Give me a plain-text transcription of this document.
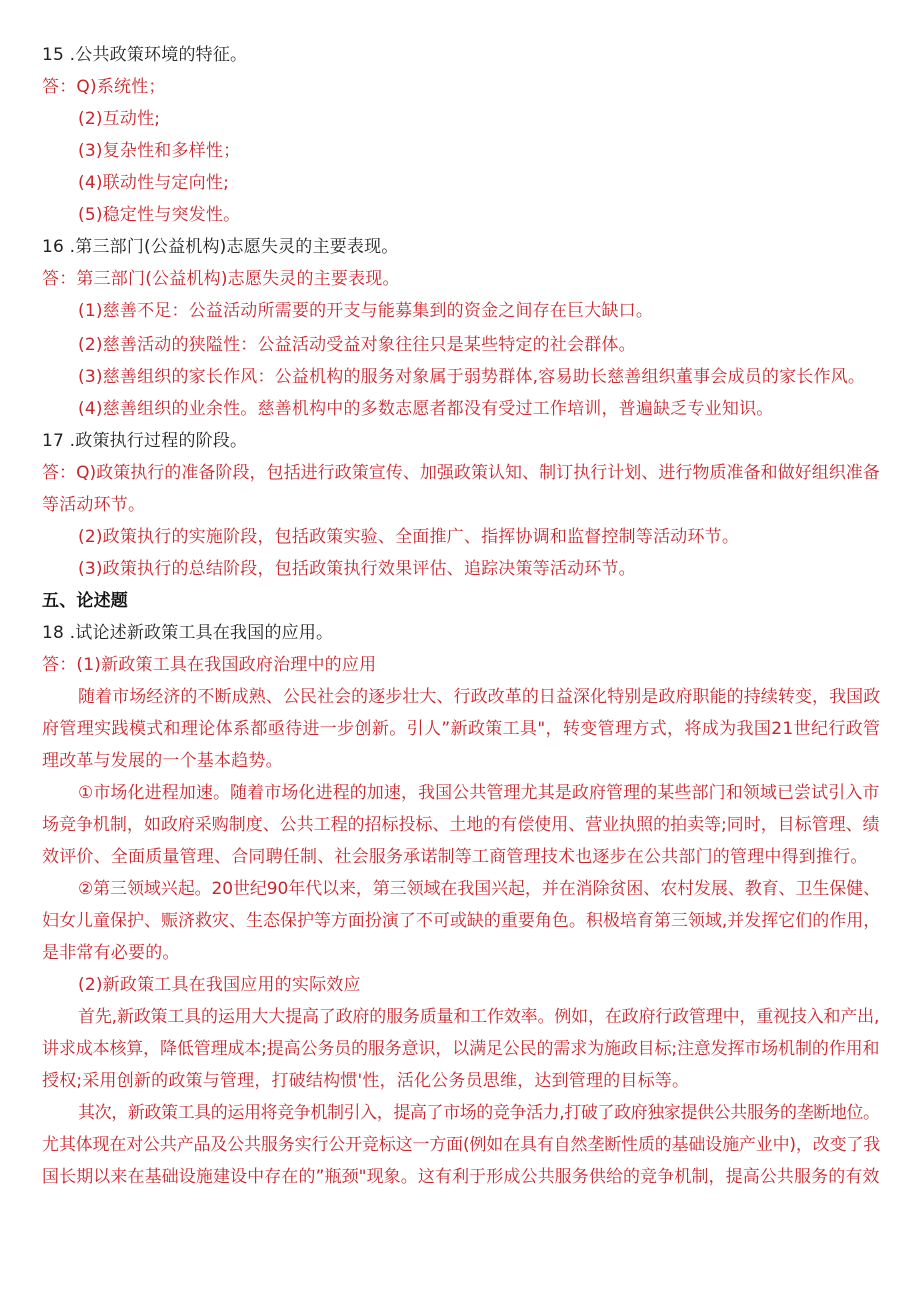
15 .公共政策环境的特征。
答：Q)系统性；
(2)互动性;
(3)复杂性和多样性；
(4)联动性与定向性;
(5)稳定性与突发性。
16 .第三部门(公益机构)志愿失灵的主要表现。
答：第三部门(公益机构)志愿失灵的主要表现。
(1)慈善不足：公益活动所需要的开支与能募集到的资金之间存在巨大缺口。
(2)慈善活动的狭隘性：公益活动受益对象往往只是某些特定的社会群体。
(3)慈善组织的家长作风：公益机构的服务对象属于弱势群体,容易助长慈善组织董事会成员的家长作风。
(4)慈善组织的业余性。慈善机构中的多数志愿者都没有受过工作培训，普遍缺乏专业知识。
17 .政策执行过程的阶段。
答：Q)政策执行的准备阶段，包括进行政策宣传、加强政策认知、制订执行计划、进行物质准备和做好组织准备
等活动环节。
(2)政策执行的实施阶段，包括政策实验、全面推广、指挥协调和监督控制等活动环节。
(3)政策执行的总结阶段，包括政策执行效果评估、追踪决策等活动环节。
五、论述题
18 .试论述新政策工具在我国的应用。
答：(1)新政策工具在我国政府治理中的应用
随着市场经济的不断成熟、公民社会的逐步壮大、行政改革的日益深化特别是政府职能的持续转变，我国政
府管理实践模式和理论体系都亟待进一步创新。引人”新政策工具"，转变管理方式，将成为我国21世纪行政管
理改革与发展的一个基本趋势。
①市场化进程加速。随着市场化进程的加速，我国公共管理尤其是政府管理的某些部门和领域已尝试引入市
场竞争机制，如政府采购制度、公共工程的招标投标、土地的有偿使用、营业执照的拍卖等;同时，目标管理、绩
效评价、全面质量管理、合同聘任制、社会服务承诺制等工商管理技术也逐步在公共部门的管理中得到推行。
②第三领域兴起。20世纪90年代以来，第三领域在我国兴起，并在消除贫困、农村发展、教育、卫生保健、
妇女儿童保护、赈济救灾、生态保护等方面扮演了不可或缺的重要角色。积极培育第三领域,并发挥它们的作用，
是非常有必要的。
(2)新政策工具在我国应用的实际效应
首先,新政策工具的运用大大提高了政府的服务质量和工作效率。例如，在政府行政管理中，重视技入和产出,
讲求成本核算，降低管理成本;提高公务员的服务意识，以满足公民的需求为施政目标;注意发挥市场机制的作用和
授权;采用创新的政策与管理，打破结构惯'性，活化公务员思维，达到管理的目标等。
其次，新政策工具的运用将竞争机制引入，提高了市场的竞争活力,打破了政府独家提供公共服务的垄断地位。
尤其体现在对公共产品及公共服务实行公开竞标这一方面(例如在具有自然垄断性质的基础设施产业中)，改变了我
国长期以来在基础设施建设中存在的”瓶颈"现象。这有利于形成公共服务供给的竞争机制，提高公共服务的有效
